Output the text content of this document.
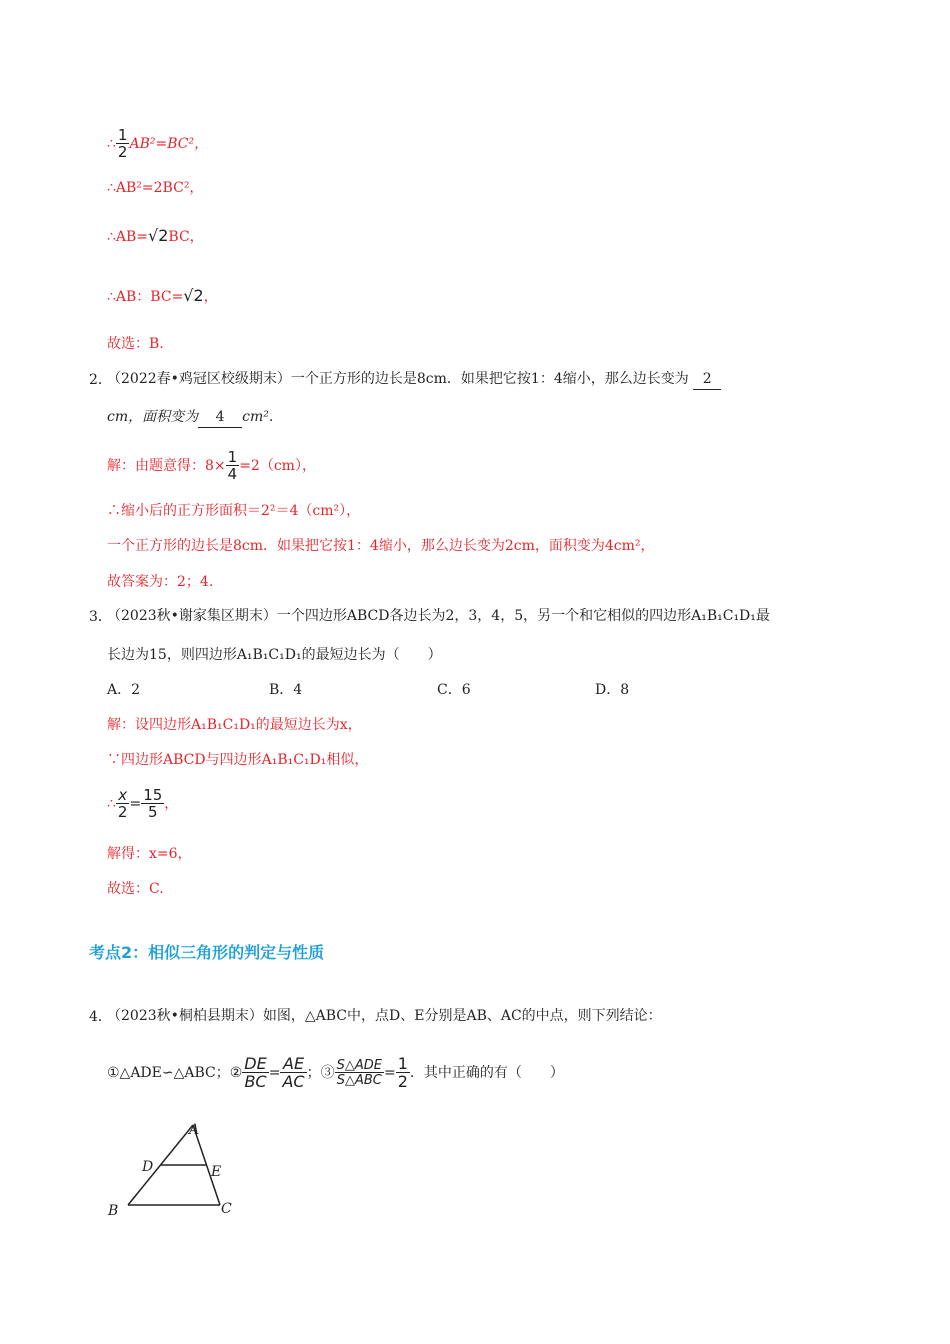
∴ $\frac{1}{2} AB^2=BC^2$，
∴AB²=2BC²，
∴AB=√2BC，
∴AB：BC=√2，
故选：B.
2．
（2022春•鸡冠区校级期末）一个正方形的边长是8cm．如果把它按1：4缩小，那么边长变为 2
cm，面积变为 4 cm².
解：由题意得：$8\times \frac{1}{4} =2(cm)$，
∴缩小后的正方形面积＝2²＝4（cm²），
一个正方形的边长是8cm．如果把它按1：4缩小，那么边长变为2cm，面积变为4cm²，
故答案为：2；4.
3．
（2023秋•谢家集区期末）一个四边形ABCD各边长为2，3，4，5，另一个和它相似的四边形A₁B₁C₁D₁最
长边为15，则四边形A₁B₁C₁D₁的最短边长为（　　）
A．2	B．4	C．6	D．8
解：设四边形A₁B₁C₁D₁的最短边长为x，
∵四边形ABCD与四边形A₁B₁C₁D₁相似，
∴ $\frac{x}{2} = \frac{15}{5}$ ，
解得：x=6，
故选：C.
考点2：相似三角形的判定与性质
4．
（2023秋•桐柏县期末）如图，△ABC中，点D、E分别是AB、AC的中点，则下列结论：
①△ADE∽△ABC；② $\frac{DE}{BC} = \frac{AE}{AC}$ ；③ $\frac{\text{S△ADE}}{\text{S△ABC}} = \frac{1}{2}$ ．其中正确的有（　　）
A
D	E
B	C
